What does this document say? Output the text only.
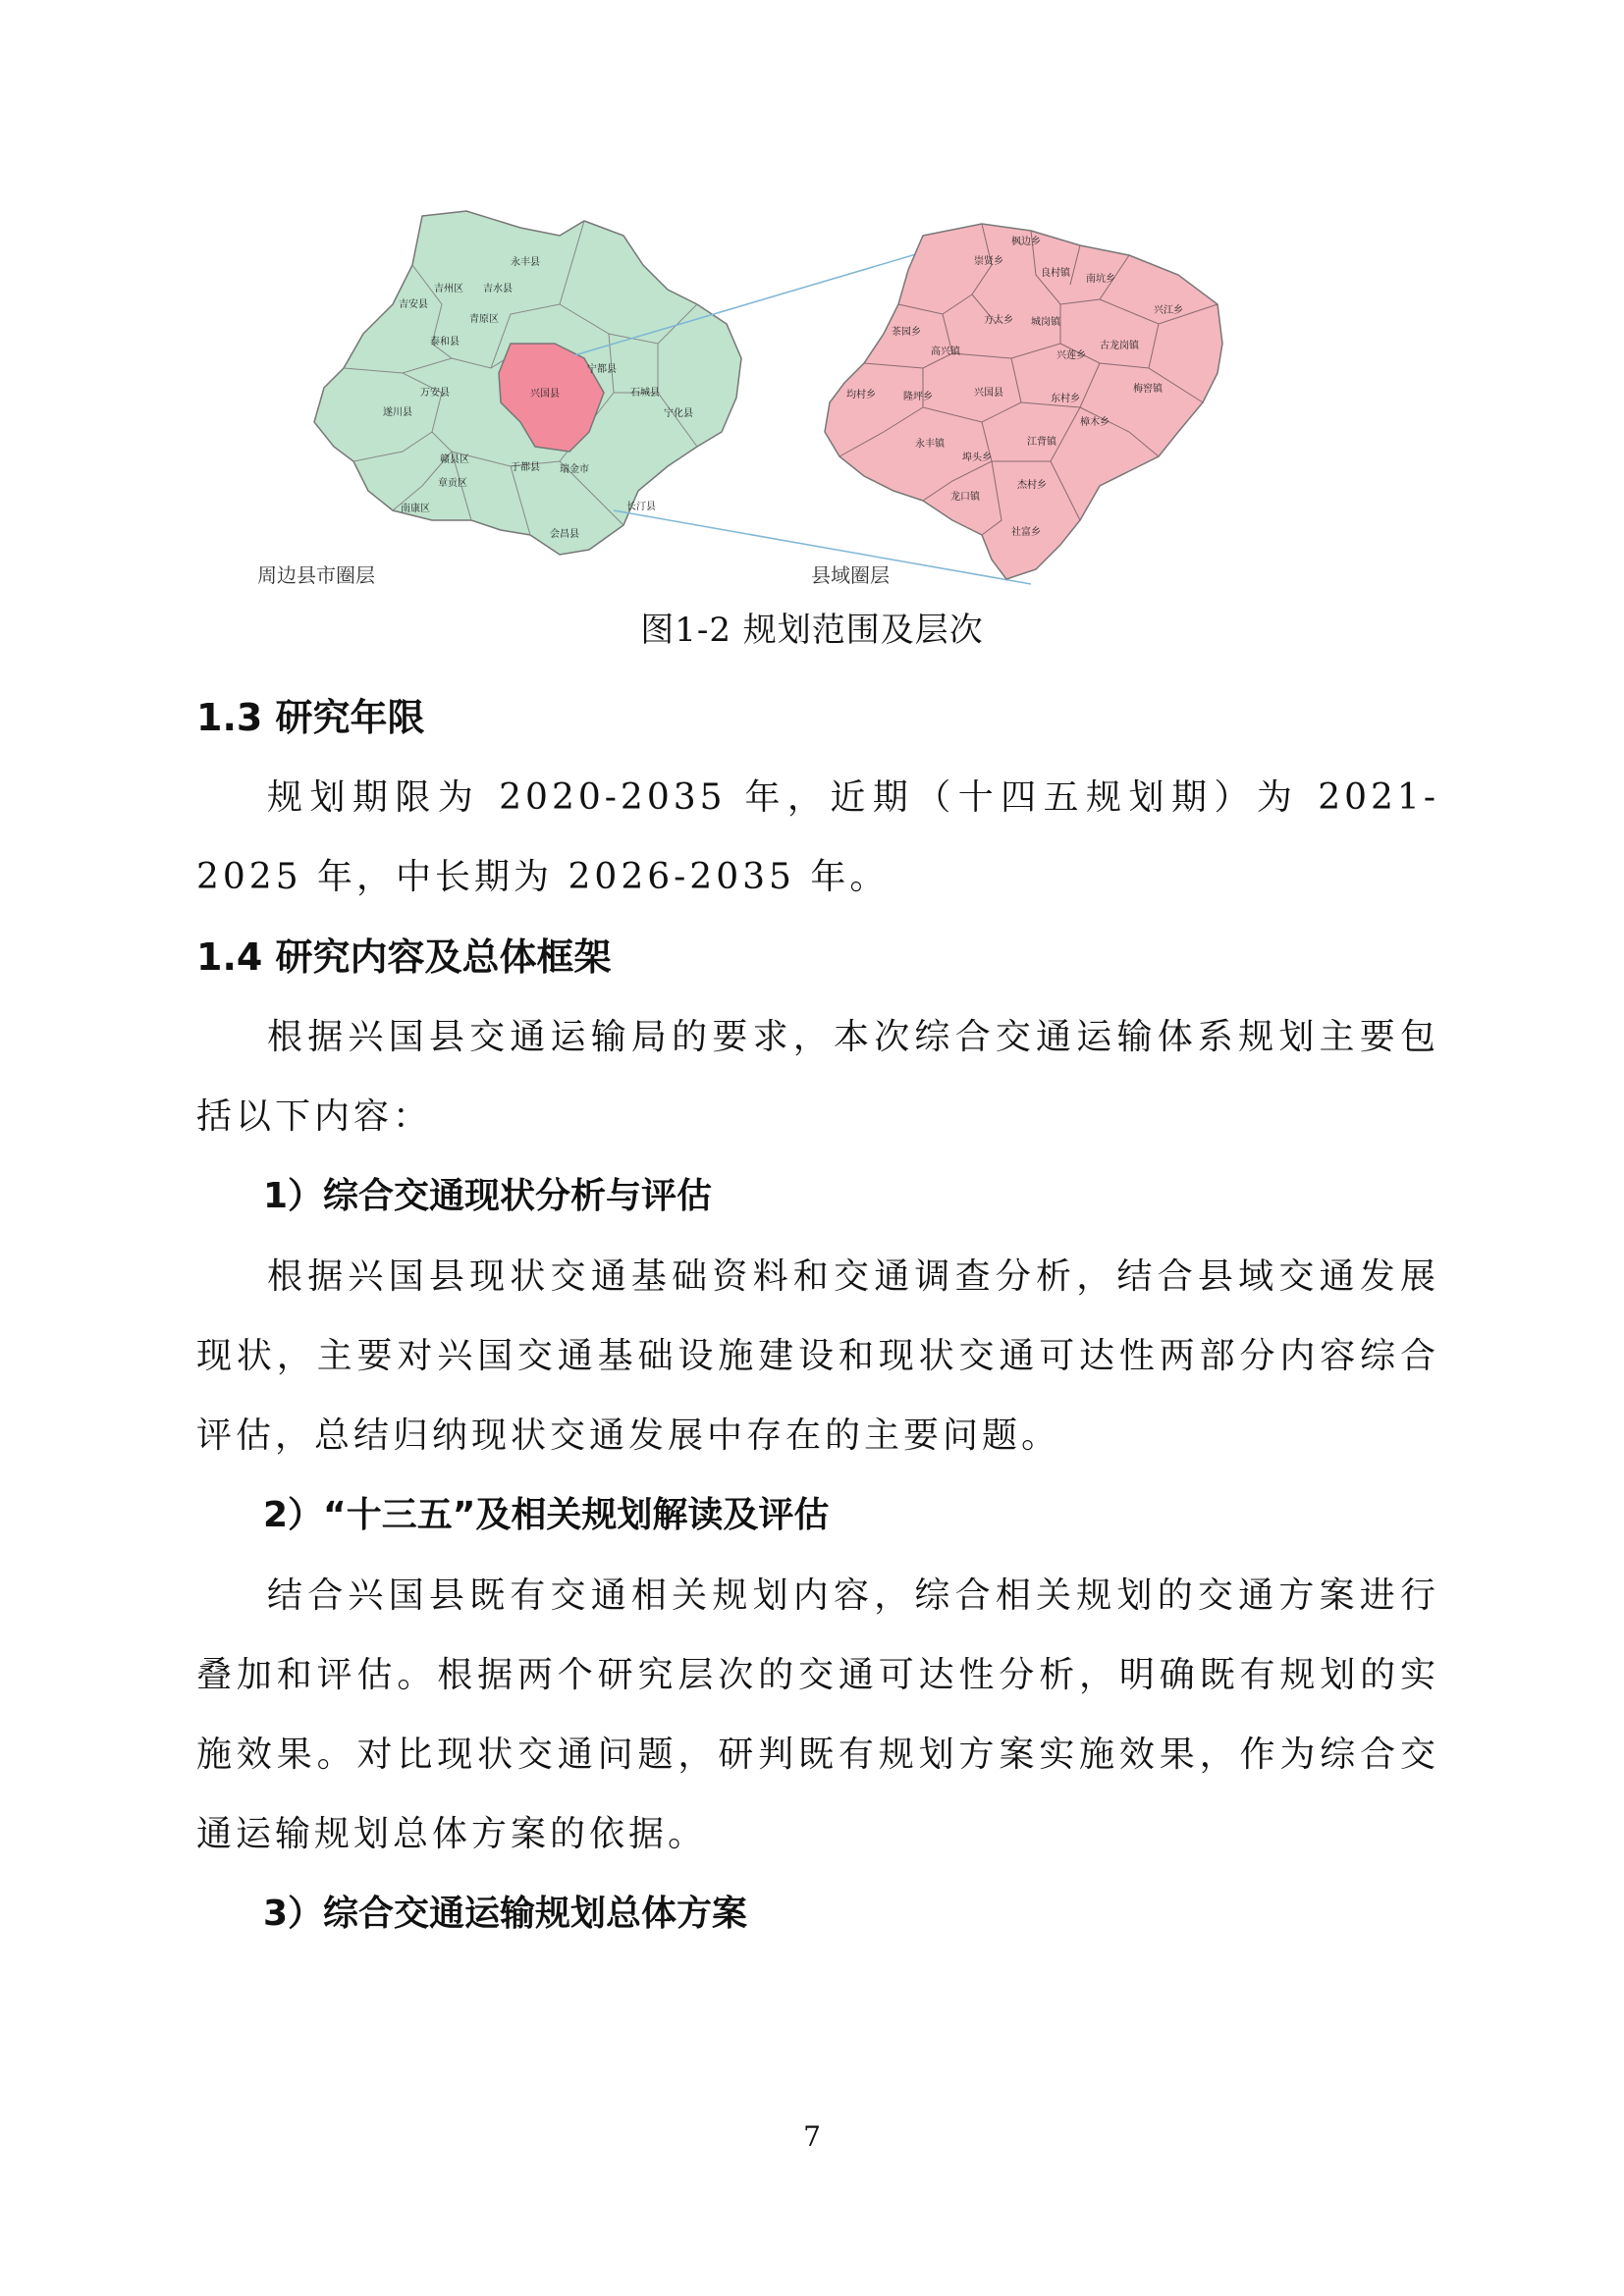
永丰县
吉州区 吉水县
吉安县
青原区
泰和县
兴国县
宁都县
石城县
宁化县
万安县
遂川县
于都县 瑞金市
赣县区
章贡区
南康区
会昌县
长汀县
枫边乡
崇贤乡
良村镇
南坑乡
兴江乡
茶园乡
方太乡 城岗镇
高兴镇	兴莲乡
古龙岗镇
均村乡	隆坪乡	兴国县
东村乡
梅窖镇
永丰镇
埠头乡
江背镇
樟木乡
杰村乡
龙口镇
社富乡
周边县市圈层	县域圈层
图1-2 规划范围及层次
1.3 研究年限

规划期限为 2020-2035 年，近期（十四五规划期）为 2021-2025 年，中长期为 2026-2035 年。

1.4 研究内容及总体框架

根据兴国县交通运输局的要求，本次综合交通运输体系规划主要包括以下内容：

1）综合交通现状分析与评估

根据兴国县现状交通基础资料和交通调查分析，结合县域交通发展现状，主要对兴国交通基础设施建设和现状交通可达性两部分内容综合评估，总结归纳现状交通发展中存在的主要问题。

2）“十三五”及相关规划解读及评估

结合兴国县既有交通相关规划内容，综合相关规划的交通方案进行叠加和评估。根据两个研究层次的交通可达性分析，明确既有规划的实施效果。对比现状交通问题，研判既有规划方案实施效果，作为综合交通运输规划总体方案的依据。

3）综合交通运输规划总体方案
7
